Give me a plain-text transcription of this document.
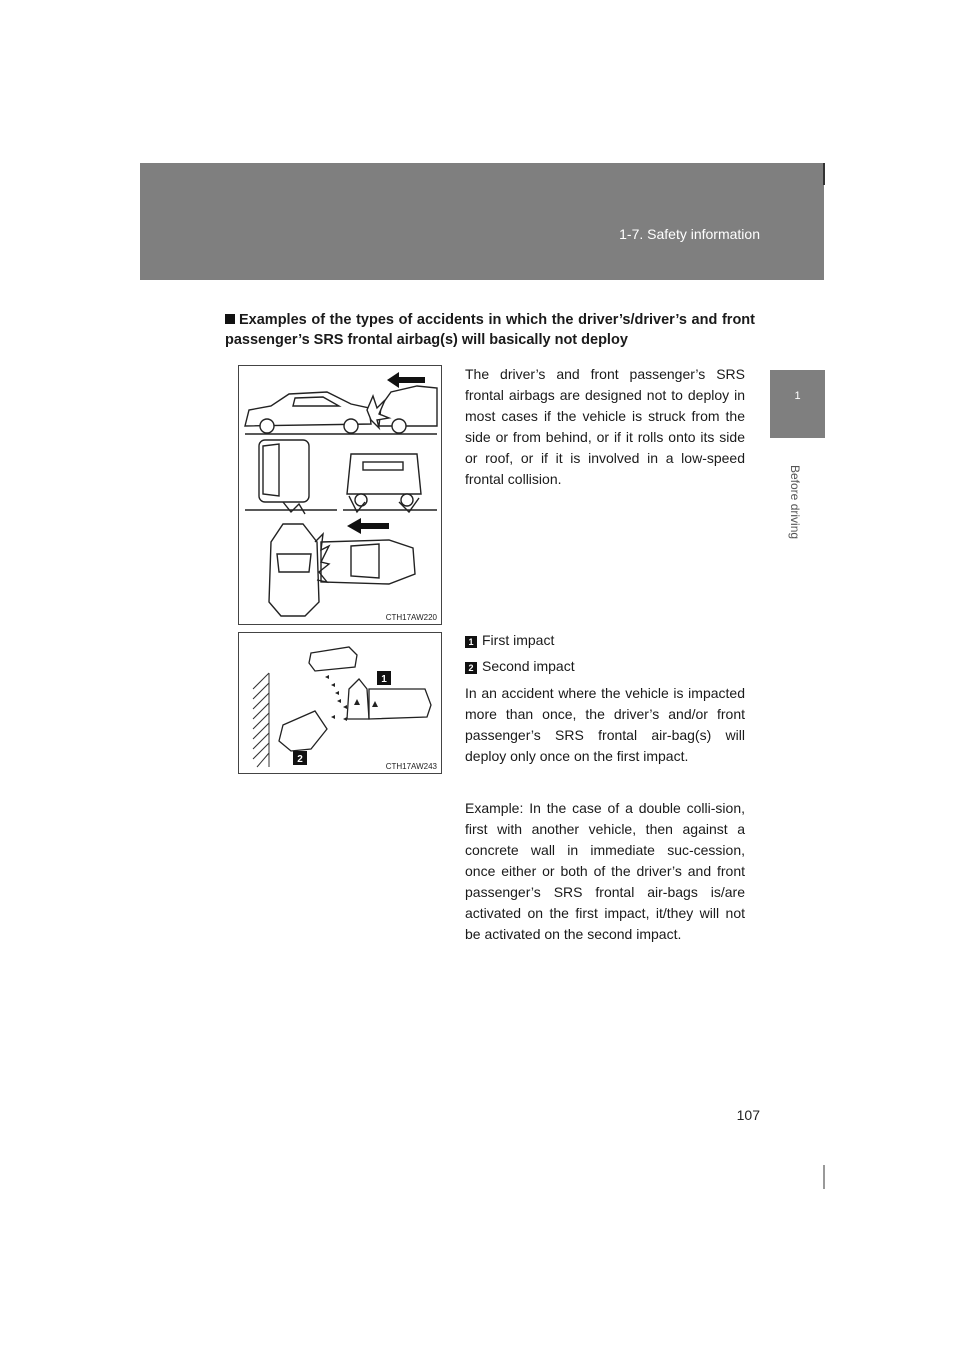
1-7. Safety information
1
Before driving
Examples of the types of accidents in which the driver’s/driver’s and front passenger’s SRS frontal airbag(s) will basically not deploy
CTH17AW220
1
2
CTH17AW243
The driver’s and front passenger’s SRS frontal airbags are designed not to deploy in most cases if the vehicle is struck from the side or from behind, or if it rolls onto its side or roof, or if it is involved in a low-speed frontal collision.
1 First impact
2 Second impact
In an accident where the vehicle is impacted more than once, the driver’s and/or front passenger’s SRS frontal air-bag(s) will deploy only once on the first impact.
Example: In the case of a double colli-sion, first with another vehicle, then against a concrete wall in immediate suc-cession, once either or both of the driver’s and front passenger’s SRS frontal air-bags is/are activated on the first impact, it/they will not be activated on the second impact.
107
